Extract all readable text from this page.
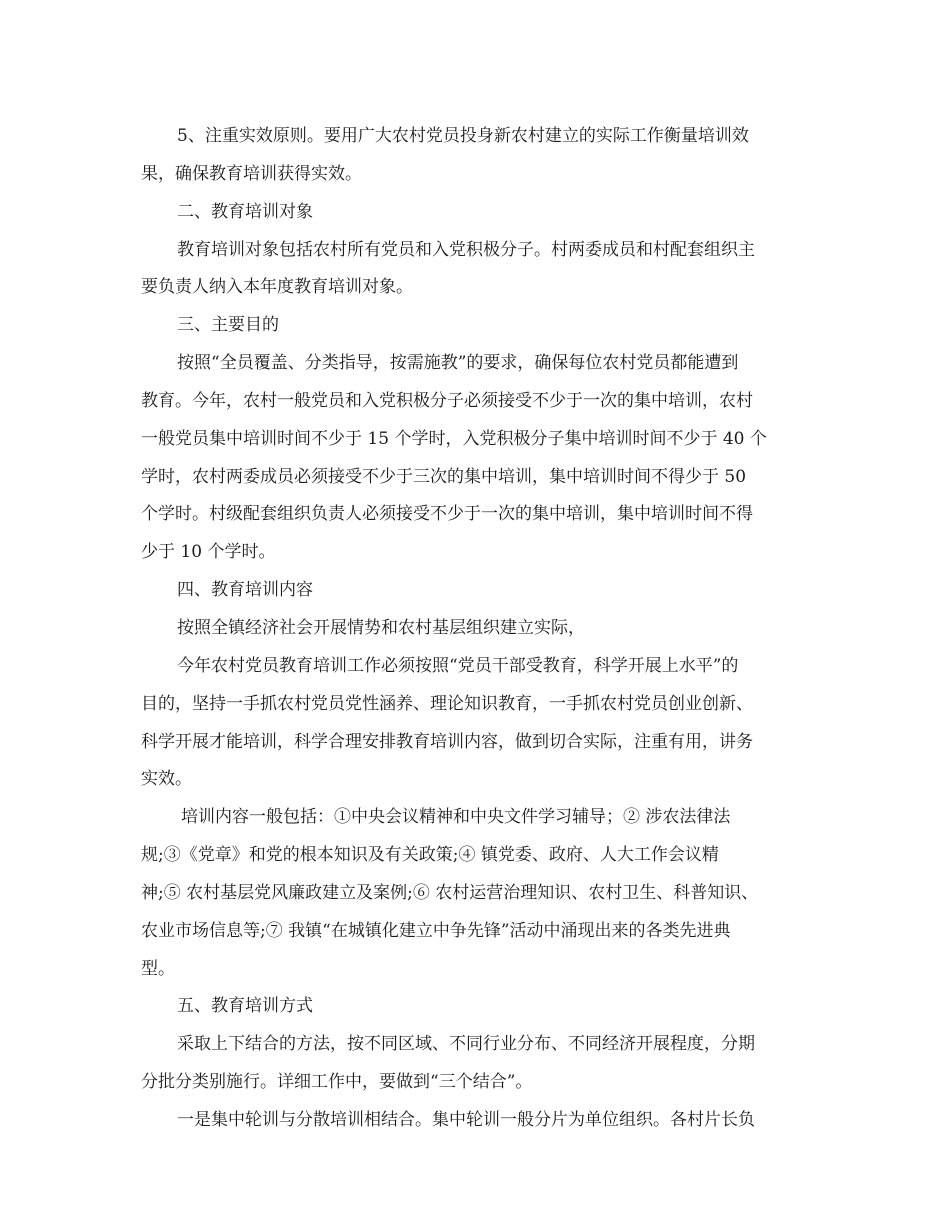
5、注重实效原则。要用广大农村党员投身新农村建立的实际工作衡量培训效
果，确保教育培训获得实效。
二、教育培训对象
教育培训对象包括农村所有党员和入党积极分子。村两委成员和村配套组织主
要负责人纳入本年度教育培训对象。
三、主要目的
按照“全员覆盖、分类指导，按需施教”的要求，确保每位农村党员都能遭到
教育。今年，农村一般党员和入党积极分子必须接受不少于一次的集中培训，农村
一般党员集中培训时间不少于 15 个学时，入党积极分子集中培训时间不少于 40 个
学时，农村两委成员必须接受不少于三次的集中培训，集中培训时间不得少于 50
个学时。村级配套组织负责人必须接受不少于一次的集中培训，集中培训时间不得
少于 10 个学时。
四、教育培训内容
按照全镇经济社会开展情势和农村基层组织建立实际，
今年农村党员教育培训工作必须按照“党员干部受教育，科学开展上水平”的
目的，坚持一手抓农村党员党性涵养、理论知识教育，一手抓农村党员创业创新、
科学开展才能培训，科学合理安排教育培训内容，做到切合实际，注重有用，讲务
实效。
培训内容一般包括：①中央会议精神和中央文件学习辅导；② 涉农法律法
规;③《党章》和党的根本知识及有关政策;④ 镇党委、政府、人大工作会议精
神;⑤ 农村基层党风廉政建立及案例;⑥ 农村运营治理知识、农村卫生、科普知识、
农业市场信息等;⑦ 我镇“在城镇化建立中争先锋”活动中涌现出来的各类先进典
型。
五、教育培训方式
采取上下结合的方法，按不同区域、不同行业分布、不同经济开展程度，分期
分批分类别施行。详细工作中，要做到“三个结合”。
一是集中轮训与分散培训相结合。集中轮训一般分片为单位组织。各村片长负
